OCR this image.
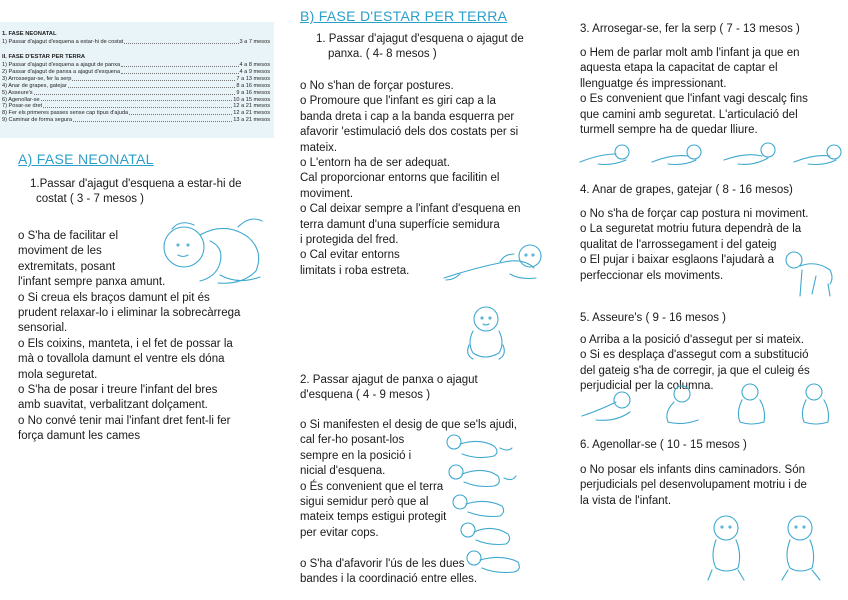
1. FASE NEONATAL
1) Passar d'ajagut d'esquena a estar-hi de costat	3 a 7 mesos
II. FASE D'ESTAR PER TERRA
1) Passar d'ajagut d'esquena a ajagut de panxa	4 a 8 mesos
2) Passar d'ajagut de panxa a ajagut d'esquena	4 a 9 mesos
3) Arrossegar-se, fer la serp	7 a 13 mesos
4) Anar de grapes, gatejar	8 a 16 mesos
5) Asseure's	9 a 16 mesos
6) Agenollar-se	10 a 15 mesos
7) Posar-se dret	12 a 21 mesos
8) Fer els primeres passes sense cap tipus d'ajuda	12 a 21 mesos
9) Caminar de forma segura	13 a 21 mesos
A) FASE NEONATAL
1.Passar d'ajagut d'esquena a estar-hi de
costat ( 3 - 7 mesos )
o S'ha de facilitar el
moviment de les
extremitats, posant
l'infant sempre panxa amunt.
o Si creua els braços damunt el pit és
prudent relaxar-lo i eliminar la sobrecàrrega
sensorial.
o Els coixins, manteta, i el fet de possar la
mà o tovallola damunt el ventre els dóna
mola seguretat.
o S'ha de posar i treure l'infant del bres
amb suavitat, verbalitzant dolçament.
o No convé tenir mai l'infant dret fent-li fer
força damunt les cames
B) FASE D'ESTAR PER TERRA
1. Passar d'ajagut d'esquena o ajagut de
panxa. ( 4- 8 mesos )
o No s'han de forçar postures.
o Promoure que l'infant es giri cap a la
banda dreta i cap a la banda esquerra per
afavorir 'estimulació dels dos costats per si
mateix.
o L'entorn ha de ser adequat.
Cal proporcionar entorns que facilitin el
moviment.
o Cal deixar sempre a l'infant d'esquena en
terra damunt d'una superfície semidura
i protegida del fred.
o Cal evitar entorns
limitats i roba estreta.
2. Passar ajagut de panxa o ajagut
d'esquena ( 4 - 9 mesos )
o Si manifesten el desig de que se'ls ajudi,
cal fer-ho posant-los
sempre en la posició i
nicial d'esquena.
o És convenient que el terra
sigui semidur però que al
mateix temps estigui protegit
per evitar cops.
o S'ha d'afavorir l'ús de les dues
bandes i la coordinació entre elles.
3. Arrosegar-se, fer la serp ( 7 - 13 mesos )
o Hem de parlar molt amb l'infant ja que en
aquesta etapa la capacitat de captar el
llenguatge és impressionant.
o Es convenient que l'infant vagi descalç fins
que camini amb seguretat. L'articulació del
turmell sempre ha de quedar lliure.
4. Anar de grapes, gatejar ( 8 - 16 mesos)
o No s'ha de forçar cap postura ni moviment.
o La seguretat motriu futura dependrà de la
qualitat de l'arrossegament i del gateig
o El pujar i baixar esglaons l'ajudarà a
perfeccionar els moviments.
5. Asseure's ( 9 - 16 mesos )
o Arriba a la posició d'assegut per si mateix.
o Si es desplaça d'assegut com a substitució
del gateig s'ha de corregir, ja que el culeig és
perjudicial per la columna.
6. Agenollar-se ( 10 - 15 mesos )
o No posar els infants dins caminadors. Són
perjudicials pel desenvolupament motriu i de
la vista de l'infant.
